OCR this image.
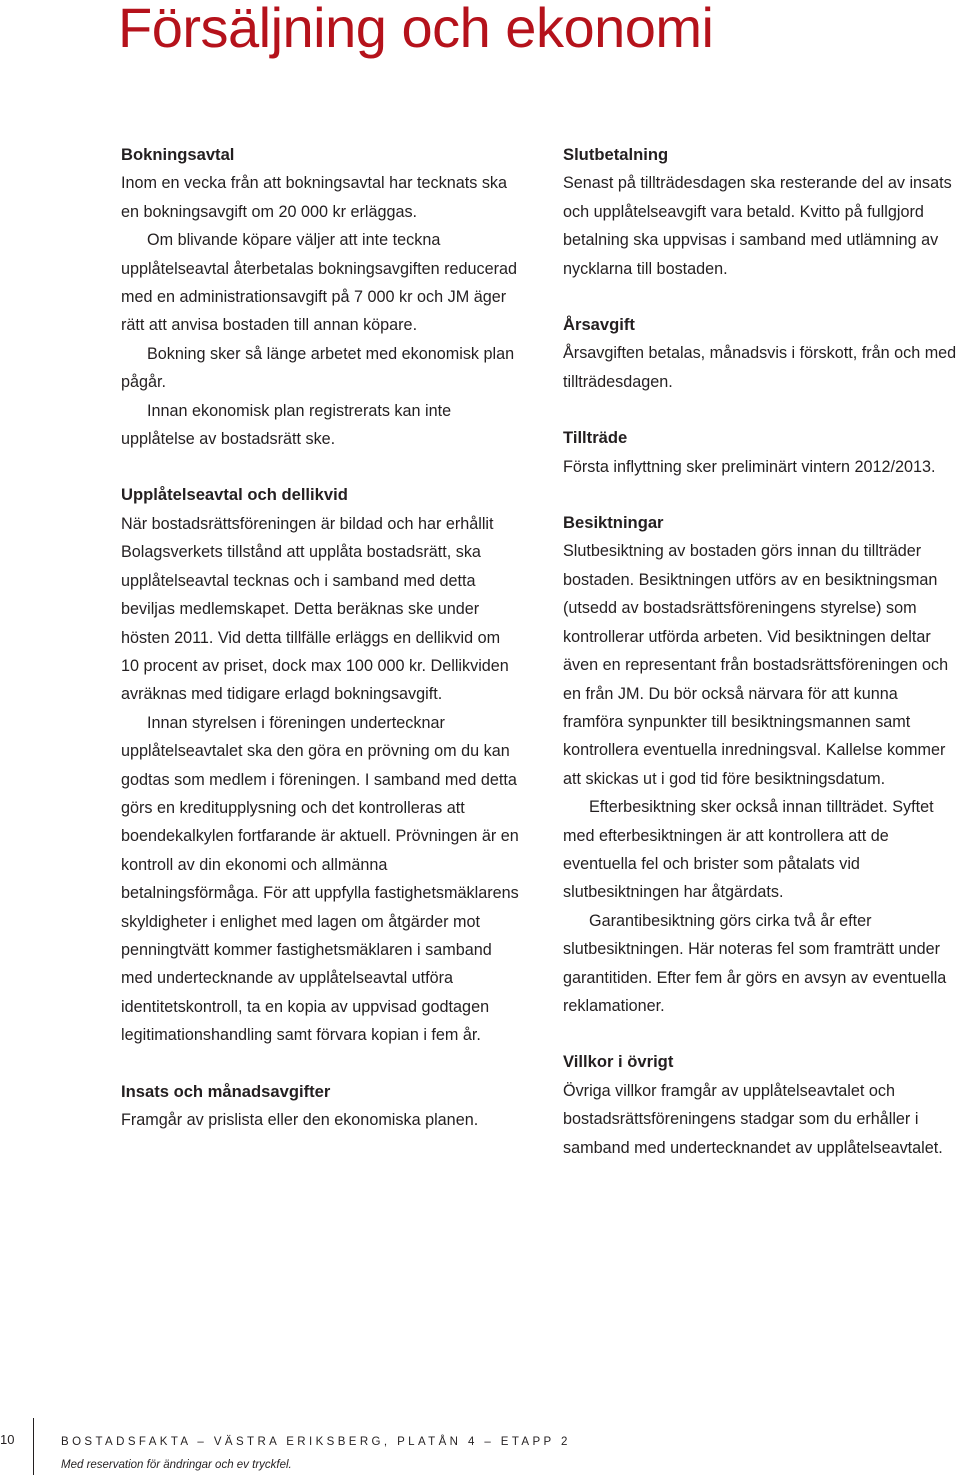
Försäljning och ekonomi
Bokningsavtal

Inom en vecka från att bokningsavtal har tecknats ska en bokningsavgift om 20 000 kr erläggas.

Om blivande köpare väljer att inte teckna upplåtelseavtal återbetalas bokningsavgiften reducerad med en administrationsavgift på 7 000 kr och JM äger rätt att anvisa bostaden till annan köpare.

Bokning sker så länge arbetet med ekonomisk plan pågår.

Innan ekonomisk plan registrerats kan inte upplåtelse av bostadsrätt ske.

Upplåtelseavtal och dellikvid

När bostadsrättsföreningen är bildad och har erhållit Bolagsverkets tillstånd att upplåta bostadsrätt, ska upplåtelseavtal tecknas och i samband med detta beviljas medlemskapet. Detta beräknas ske under hösten 2011. Vid detta tillfälle erläggs en dellikvid om 10 procent av priset, dock max 100 000 kr. Dellikviden avräknas med tidigare erlagd bokningsavgift.

Innan styrelsen i föreningen undertecknar upplåtelseavtalet ska den göra en prövning om du kan godtas som medlem i föreningen. I samband med detta görs en kreditupplysning och det kontrolleras att boendekalkylen fortfarande är aktuell. Prövningen är en kontroll av din ekonomi och allmänna betalningsförmåga. För att uppfylla fastighetsmäklarens skyldigheter i enlighet med lagen om åtgärder mot penningtvätt kommer fastighetsmäklaren i samband med undertecknande av upplåtelseavtal utföra identitetskontroll, ta en kopia av uppvisad godtagen legitimationshandling samt förvara kopian i fem år.

Insats och månadsavgifter

Framgår av prislista eller den ekonomiska planen.

Slutbetalning

Senast på tillträdesdagen ska resterande del av insats och upplåtelseavgift vara betald. Kvitto på fullgjord betalning ska uppvisas i samband med utlämning av nycklarna till bostaden.

Årsavgift

Årsavgiften betalas, månadsvis i förskott, från och med tillträdesdagen.

Tillträde

Första inflyttning sker preliminärt vintern 2012/2013.

Besiktningar

Slutbesiktning av bostaden görs innan du tillträder bostaden. Besiktningen utförs av en besiktningsman (utsedd av bostadsrättsföreningens styrelse) som kontrollerar utförda arbeten. Vid besiktningen deltar även en representant från bostadsrättsföreningen och en från JM. Du bör också närvara för att kunna framföra synpunkter till besiktningsmannen samt kontrollera eventuella inredningsval. Kallelse kommer att skickas ut i god tid före besiktningsdatum.

Efterbesiktning sker också innan tillträdet. Syftet med efterbesiktningen är att kontrollera att de eventuella fel och brister som påtalats vid slutbesiktningen har åtgärdats.

Garantibesiktning görs cirka två år efter slutbesiktningen. Här noteras fel som framträtt under garantitiden. Efter fem år görs en avsyn av eventuella reklamationer.

Villkor i övrigt

Övriga villkor framgår av upplåtelseavtalet och bostadsrättsföreningens stadgar som du erhåller i samband med undertecknandet av upplåtelseavtalet.

10	BOSTADSFAKTA – VÄSTRA ERIKSBERG, PLATÅN 4 – ETAPP 2
Med reservation för ändringar och ev tryckfel.
